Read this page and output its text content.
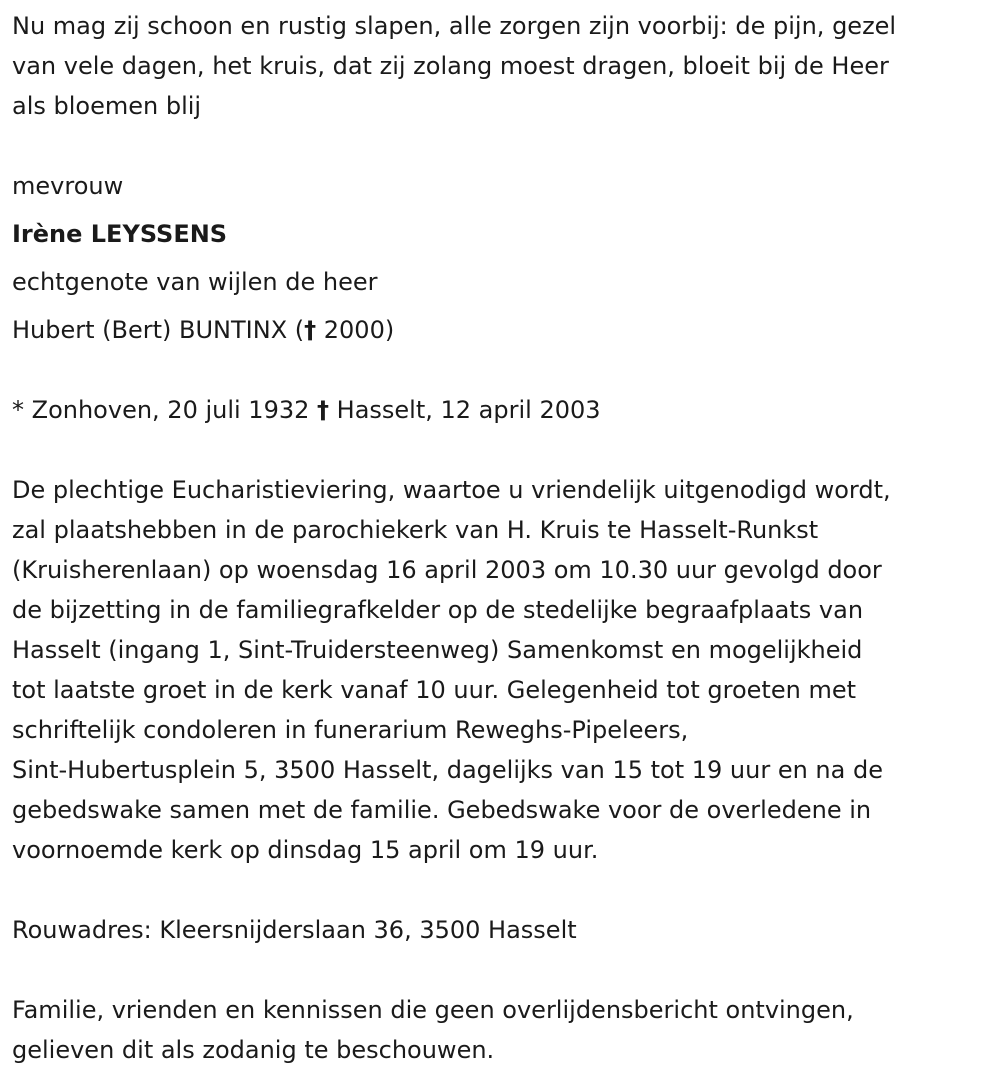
Nu mag zij schoon en rustig slapen, alle zorgen zijn voorbij: de pijn, gezel

van vele dagen, het kruis, dat zij zolang moest dragen, bloeit bij de Heer

als bloemen blij

mevrouw

Irène LEYSSENS

echtgenote van wijlen de heer

Hubert (Bert) BUNTINX († 2000)

* Zonhoven, 20 juli 1932 † Hasselt, 12 april 2003

De plechtige Eucharistieviering, waartoe u vriendelijk uitgenodigd wordt,

zal plaatshebben in de parochiekerk van H. Kruis te Hasselt-Runkst

(Kruisherenlaan) op woensdag 16 april 2003 om 10.30 uur gevolgd door

de bijzetting in de familiegrafkelder op de stedelijke begraafplaats van

Hasselt (ingang 1, Sint-Truidersteenweg) Samenkomst en mogelijkheid

tot laatste groet in de kerk vanaf 10 uur. Gelegenheid tot groeten met

schriftelijk condoleren in funerarium Reweghs-Pipeleers,

Sint-Hubertusplein 5, 3500 Hasselt, dagelijks van 15 tot 19 uur en na de

gebedswake samen met de familie. Gebedswake voor de overledene in

voornoemde kerk op dinsdag 15 april om 19 uur.

Rouwadres: Kleersnijderslaan 36, 3500 Hasselt

Familie, vrienden en kennissen die geen overlijdensbericht ontvingen,

gelieven dit als zodanig te beschouwen.
